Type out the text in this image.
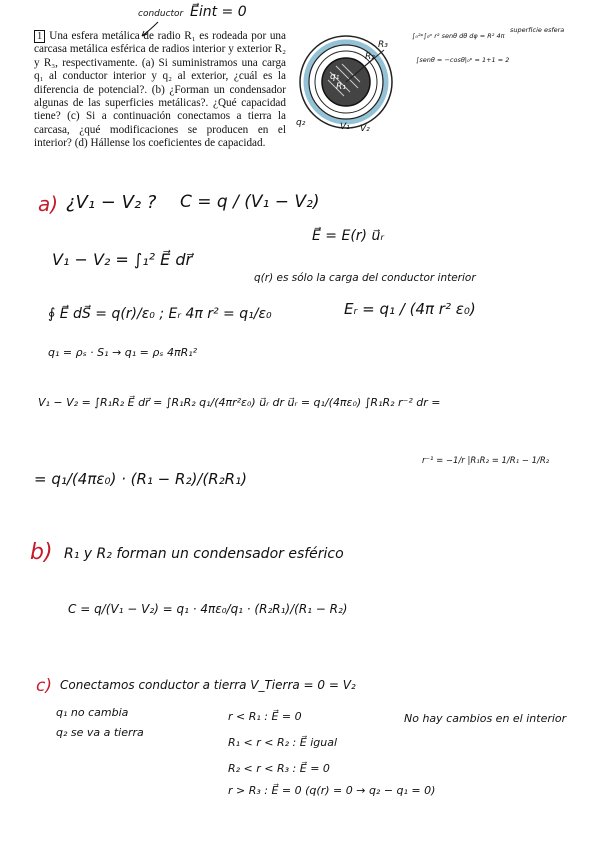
1 Una esfera metálica de radio R₁ es rodeada por una carcasa metálica esférica de radios interior y exterior R₂ y R₃, respectivamente. (a) Si suministramos una carga q₁ al conductor interior y q₂ al exterior, ¿cuál es la diferencia de potencial?. (b) ¿Forman un condensador algunas de las superficies metálicas?. ¿Qué capacidad tiene? (c) Si a continuación conectamos a tierra la carcasa, ¿qué modificaciones se producen en el interior? (d) Hállense los coeficientes de capacidad.
conductor E⃗int = 0
R₃
R₂
R₁
q₁
q₂	V₁ V₂
∫₀²ᵖ∫₀ᵖ r² senθ dθ dφ = R² 4π
superficie esfera
∫senθ = −cosθ|₀ᵖ = 1+1 = 2
a) ¿V₁ − V₂ ? C = q / (V₁ − V₂)
E⃗ = E(r) u⃗ᵣ
V₁ − V₂ = ∫₁² E⃗ dr⃗
q(r) es sólo la carga del conductor interior
∮ E⃗ dS⃗ = q(r)/ε₀ ; Eᵣ 4π r² = q₁/ε₀	Eᵣ = q₁ / (4π r² ε₀)
q₁ = ρₛ · S₁ → q₁ = ρₛ 4πR₁²
V₁ − V₂ = ∫R₁R₂ E⃗ dr⃗ = ∫R₁R₂ q₁/(4πr²ε₀) u⃗ᵣ dr u⃗ᵣ = q₁/(4πε₀) ∫R₁R₂ r⁻² dr =
r⁻¹ = −1/r |R₁R₂ = 1/R₁ − 1/R₂
= q₁/(4πε₀) · (R₁ − R₂)/(R₂R₁)
b) R₁ y R₂ forman un condensador esférico
C = q/(V₁ − V₂) = q₁ · 4πε₀/q₁ · (R₂R₁)/(R₁ − R₂)
c) Conectamos conductor a tierra V_Tierra = 0 = V₂
q₁ no cambia
q₂ se va a tierra
r < R₁ : E⃗ = 0
R₁ < r < R₂ : E⃗ igual
R₂ < r < R₃ : E⃗ = 0
r > R₃ : E⃗ = 0 (q(r) = 0 → q₂ − q₁ = 0)
No hay cambios en el interior
